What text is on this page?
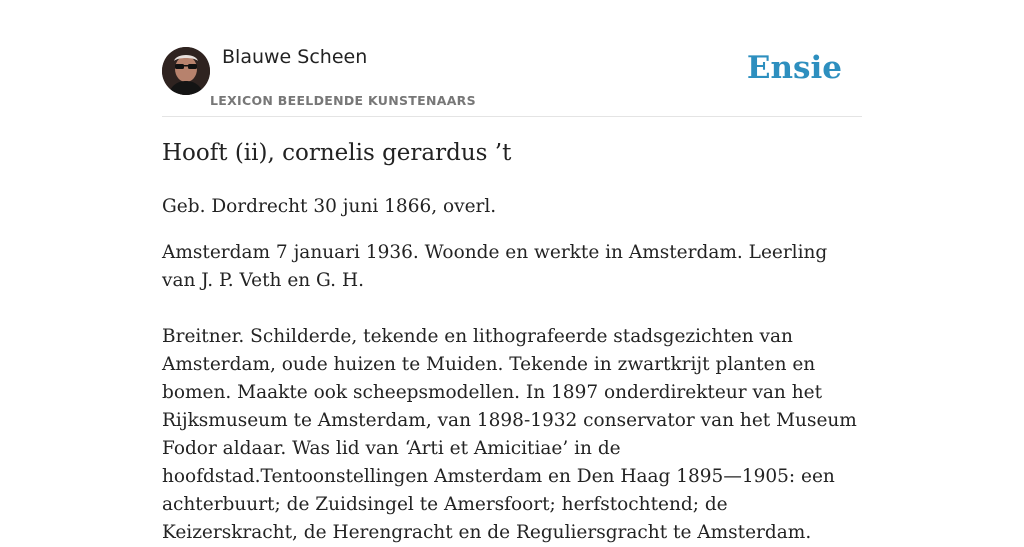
Blauwe Scheen
LEXICON BEELDENDE KUNSTENAARS
Ensie
Hooft (ii), cornelis gerardus ’t

Geb. Dordrecht 30 juni 1866, overl.

Amsterdam 7 januari 1936. Woonde en werkte in Amsterdam. Leerling van J. P. Veth en G. H.

Breitner. Schilderde, tekende en lithografeerde stadsgezichten van Amsterdam, oude huizen te Muiden. Tekende in zwartkrijt planten en bomen. Maakte ook scheepsmodellen. In 1897 onderdirekteur van het Rijksmuseum te Amsterdam, van 1898-1932 conservator van het Museum Fodor aldaar. Was lid van ‘Arti et Amicitiae’ in de hoofdstad.Tentoonstellingen Amsterdam en Den Haag 1895—1905: een achterbuurt; de Zuidsingel te Amersfoort; herfstochtend; de Keizerskracht, de Herengracht en de Reguliersgracht te Amsterdam.
